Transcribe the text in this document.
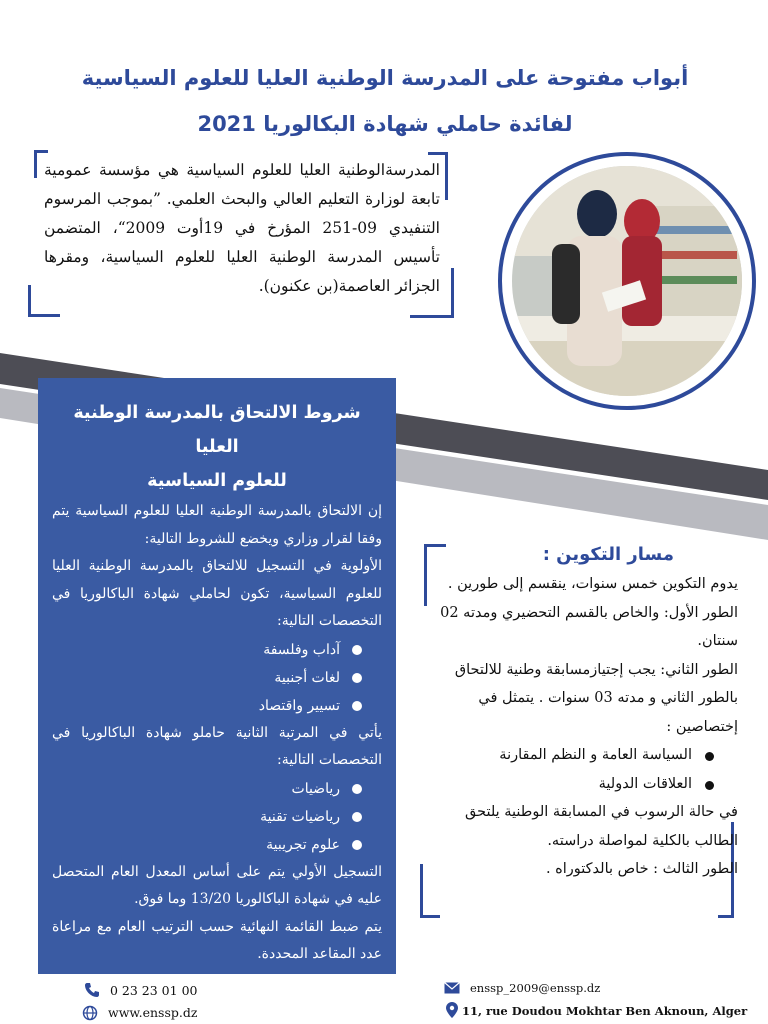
أبواب مفتوحة على المدرسة الوطنية العليا للعلوم السياسية
لفائدة حاملي شهادة البكالوريا 2021

المدرسةالوطنية العليا للعلوم السياسية هي مؤسسة عمومية تابعة لوزارة التعليم العالي والبحث العلمي. ”بموجب المرسوم التنفيدي 09-251 المؤرخ في 19أوت 2009“، المتضمن تأسيس المدرسة الوطنية العليا للعلوم السياسية، ومقرها الجزائر العاصمة(بن عكنون).

شروط الالتحاق بالمدرسة الوطنية العليا
للعلوم السياسية
إن الالتحاق بالمدرسة الوطنية العليا للعلوم السياسية يتم وفقا لقرار وزاري ويخضع للشروط التالية:
الأولوية في التسجيل للالتحاق بالمدرسة الوطنية العليا للعلوم السياسية، تكون لحاملي شهادة الباكالوريا في التخصصات التالية:
آداب وفلسفة
لغات أجنبية
تسيير واقتصاد
يأتي في المرتبة الثانية حاملو شهادة الباكالوريا في التخصصات التالية:
رياضيات
رياضيات تقنية
علوم تجريبية
التسجيل الأولي يتم على أساس المعدل العام المتحصل عليه في شهادة الباكالوريا 13/20 وما فوق.
يتم ضبط القائمة النهائية حسب الترتيب العام مع مراعاة عدد المقاعد المحددة.
مسار التكوين :
يدوم التكوين خمس سنوات، ينقسم إلى طورين .
الطور الأول: والخاص بالقسم التحضيري ومدته 02 سنتان.
الطور الثاني: يجب إجتيازمسابقة وطنية للالتحاق بالطور الثاني و مدته 03 سنوات . يتمثل في إختصاصين :
السياسة العامة و النظم المقارنة
العلاقات الدولية
في حالة الرسوب في المسابقة الوطنية يلتحق الطالب بالكلية لمواصلة دراسته.
الطور الثالث : خاص بالدكتوراه .
0 23 23 01 00
www.enssp.dz
enssp_2009@enssp.dz
11, rue Doudou Mokhtar Ben Aknoun, Alger
